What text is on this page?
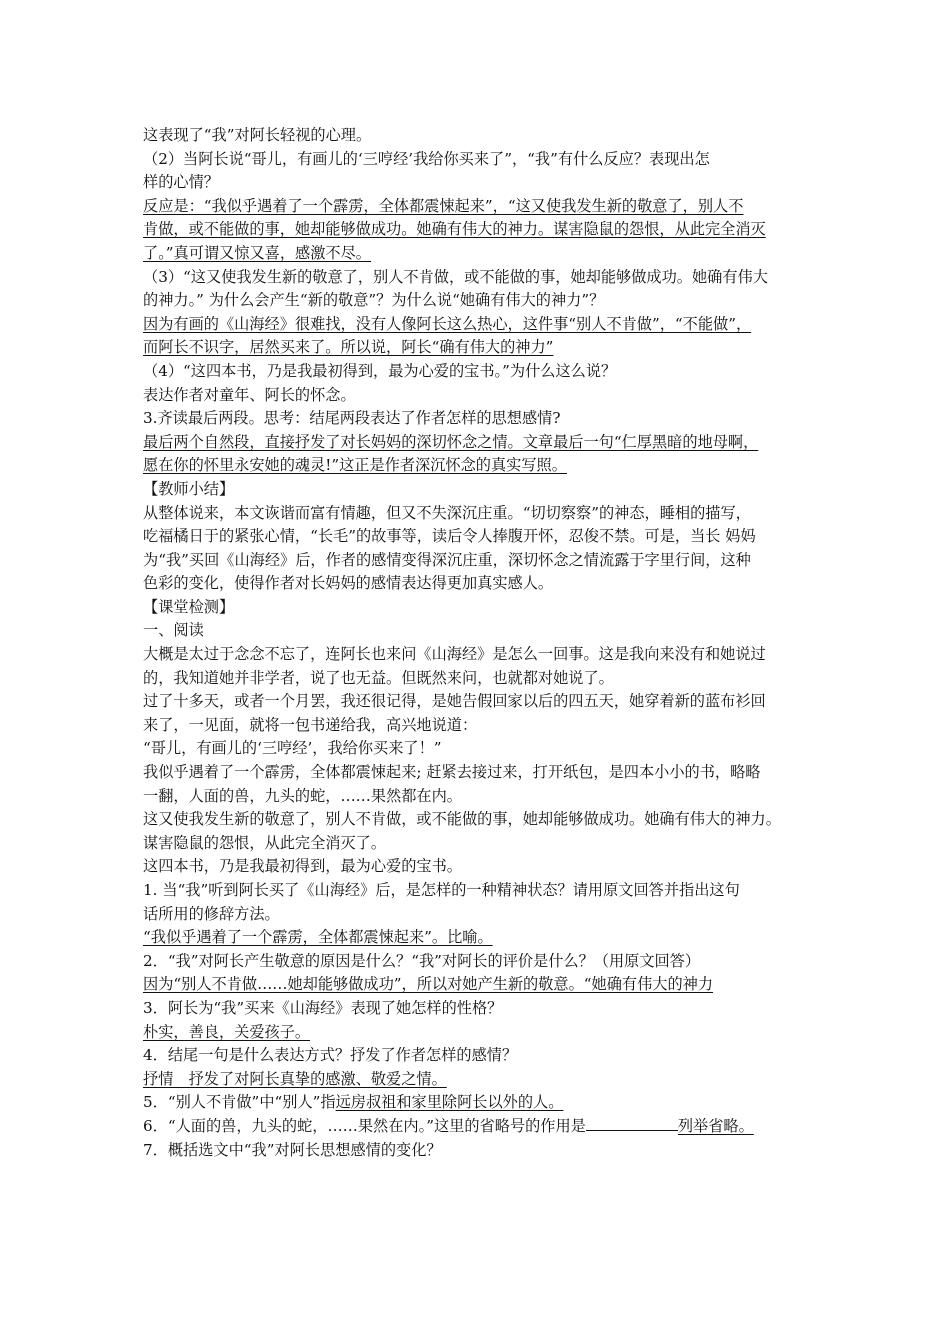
这表现了“我”对阿长轻视的心理。
（2）当阿长说“哥儿，有画儿的‘三哼经’我给你买来了”，“我”有什么反应？表现出怎
样的心情？
反应是：“我似乎遇着了一个霹雳，全体都震悚起来”，“这又使我发生新的敬意了，别人不
肯做，或不能做的事，她却能够做成功。她确有伟大的神力。谋害隐鼠的怨恨，从此完全消灭
了。”真可谓又惊又喜，感激不尽。
（3）“这又使我发生新的敬意了，别人不肯做，或不能做的事，她却能够做成功。她确有伟大
的神力。” 为什么会产生“新的敬意”？为什么说“她确有伟大的神力”？
因为有画的《山海经》很难找，没有人像阿长这么热心，这件事“别人不肯做”，“不能做”，
而阿长不识字，居然买来了。所以说，阿长“确有伟大的神力”
（4）“这四本书，乃是我最初得到，最为心爱的宝书。”为什么这么说？
表达作者对童年、阿长的怀念。
3.齐读最后两段。思考：结尾两段表达了作者怎样的思想感情?
最后两个自然段，直接抒发了对长妈妈的深切怀念之情。文章最后一句“仁厚黑暗的地母啊，
愿在你的怀里永安她的魂灵!”这正是作者深沉怀念的真实写照。
【教师小结】
从整体说来，本文诙谐而富有情趣，但又不失深沉庄重。“切切察察”的神态，睡相的描写，
吃福橘日于的紧张心情，“长毛”的故事等，读后令人捧腹开怀，忍俊不禁。可是，当长 妈妈
为“我”买回《山海经》后，作者的感情变得深沉庄重，深切怀念之情流露于字里行间，这种
色彩的变化，使得作者对长妈妈的感情表达得更加真实感人。
【课堂检测】
一、阅读
大概是太过于念念不忘了，连阿长也来问《山海经》是怎么一回事。这是我向来没有和她说过
的，我知道她并非学者，说了也无益。但既然来问，也就都对她说了。
过了十多天，或者一个月罢，我还很记得，是她告假回家以后的四五天，她穿着新的蓝布衫回
来了，一见面，就将一包书递给我，高兴地说道：
“哥儿，有画儿的‘三哼经’，我给你买来了！”
我似乎遇着了一个霹雳，全体都震悚起来; 赶紧去接过来，打开纸包，是四本小小的书，略略
一翻，人面的兽，九头的蛇，……果然都在内。
这又使我发生新的敬意了，别人不肯做，或不能做的事，她却能够做成功。她确有伟大的神力。
谋害隐鼠的怨恨，从此完全消灭了。
这四本书，乃是我最初得到，最为心爱的宝书。
1. 当“我”听到阿长买了《山海经》后，是怎样的一种精神状态？请用原文回答并指出这句
话所用的修辞方法。
“我似乎遇着了一个霹雳，全体都震悚起来”。比喻。
2．“我”对阿长产生敬意的原因是什么？“我”对阿长的评价是什么？（用原文回答）
因为“别人不肯做……她却能够做成功”，所以对她产生新的敬意。“她确有伟大的神力
3．阿长为“我”买来《山海经》表现了她怎样的性格？
朴实，善良，关爱孩子。
4．结尾一句是什么表达方式？抒发了作者怎样的感情？
抒情　抒发了对阿长真挚的感激、敬爱之情。
5．“别人不肯做”中“别人”指远房叔祖和家里除阿长以外的人。
6．“人面的兽，九头的蛇，……果然在内。”这里的省略号的作用是	列举省略。
7．概括选文中“我”对阿长思想感情的变化？
